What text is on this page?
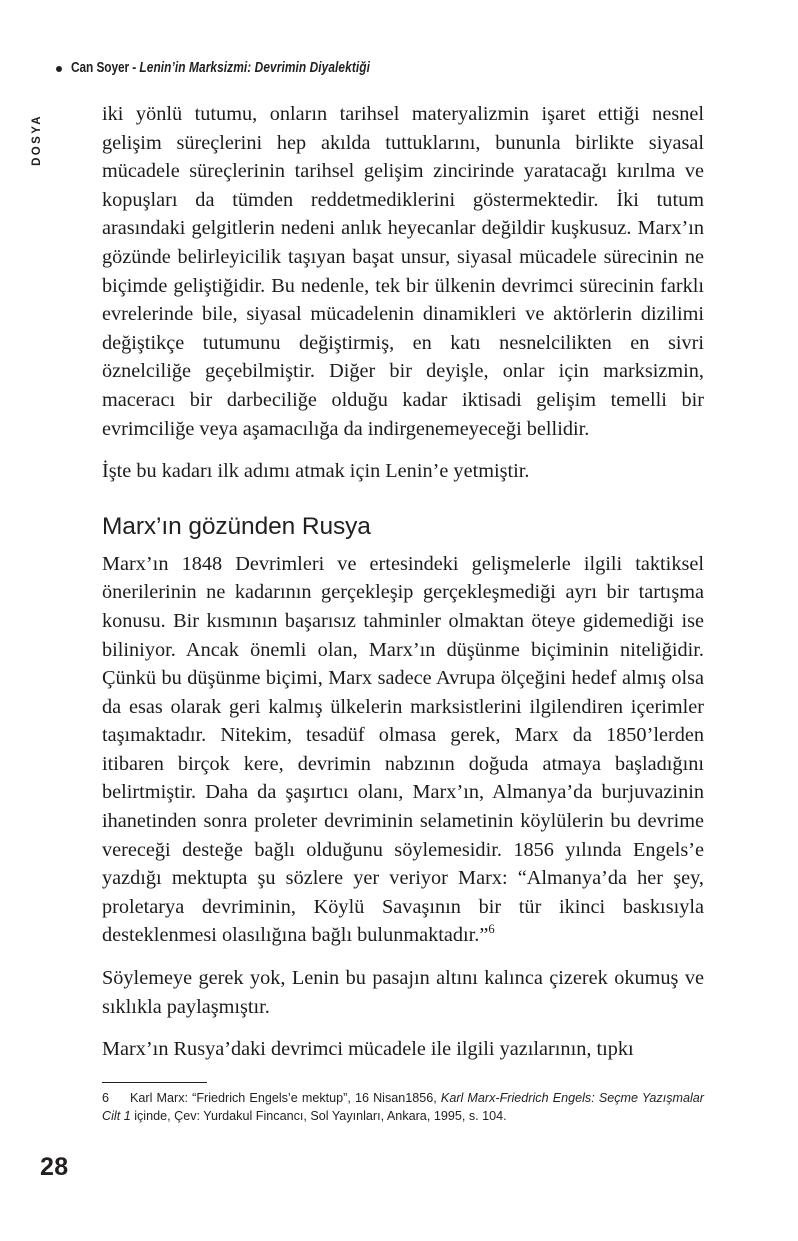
Can Soyer - Lenin’in Marksizmi: Devrimin Diyalektiği
DOSYA

iki yönlü tutumu, onların tarihsel materyalizmin işaret ettiği nesnel gelişim süreçlerini hep akılda tuttuklarını, bununla birlikte siyasal mücadele süreçlerinin tarihsel gelişim zincirinde yaratacağı kırılma ve kopuşları da tümden reddetmediklerini göstermektedir. İki tutum arasındaki gelgitlerin nedeni anlık heyecanlar değildir kuşkusuz. Marx’ın gözünde belirleyicilik taşıyan başat unsur, siyasal mücadele sürecinin ne biçimde geliştiğidir. Bu nedenle, tek bir ülkenin devrimci sürecinin farklı evrelerinde bile, siyasal mücadelenin dinamikleri ve aktörlerin dizilimi değiştikçe tutumunu değiştirmiş, en katı nesnelcilikten en sivri öznelciliğe geçebilmiştir. Diğer bir deyişle, onlar için marksizmin, maceracı bir darbeciliğe olduğu kadar iktisadi gelişim temelli bir evrimciliğe veya aşamacılığa da indirgenemeyeceği bellidir.

İşte bu kadarı ilk adımı atmak için Lenin’e yetmiştir.

Marx’ın gözünden Rusya

Marx’ın 1848 Devrimleri ve ertesindeki gelişmelerle ilgili taktiksel önerilerinin ne kadarının gerçekleşip gerçekleşmediği ayrı bir tartışma konusu. Bir kısmının başarısız tahminler olmaktan öteye gidemediği ise biliniyor. Ancak önemli olan, Marx’ın düşünme biçiminin niteliğidir. Çünkü bu düşünme biçimi, Marx sadece Avrupa ölçeğini hedef almış olsa da esas olarak geri kalmış ülkelerin marksistlerini ilgilendiren içerimler taşımaktadır. Nitekim, tesadüf olmasa gerek, Marx da 1850’lerden itibaren birçok kere, devrimin nabzının doğuda atmaya başladığını belirtmiştir. Daha da şaşırtıcı olanı, Marx’ın, Almanya’da burjuvazinin ihanetinden sonra proleter devriminin selametinin köylülerin bu devrime vereceği desteğe bağlı olduğunu söylemesidir. 1856 yılında Engels’e yazdığı mektupta şu sözlere yer veriyor Marx: “Almanya’da her şey, proletarya devriminin, Köylü Savaşının bir tür ikinci baskısıyla desteklenmesi olasılığına bağlı bulunmaktadır.”$^6$

Söylemeye gerek yok, Lenin bu pasajın altını kalınca çizerek okumuş ve sıklıkla paylaşmıştır.

Marx’ın Rusya’daki devrimci mücadele ile ilgili yazılarının, tıpkı

6 Karl Marx: “Friedrich Engels’e mektup”, 16 Nisan1856, Karl Marx-Friedrich Engels: Seçme Yazışmalar Cilt 1 içinde, Çev: Yurdakul Fincancı, Sol Yayınları, Ankara, 1995, s. 104.

28
